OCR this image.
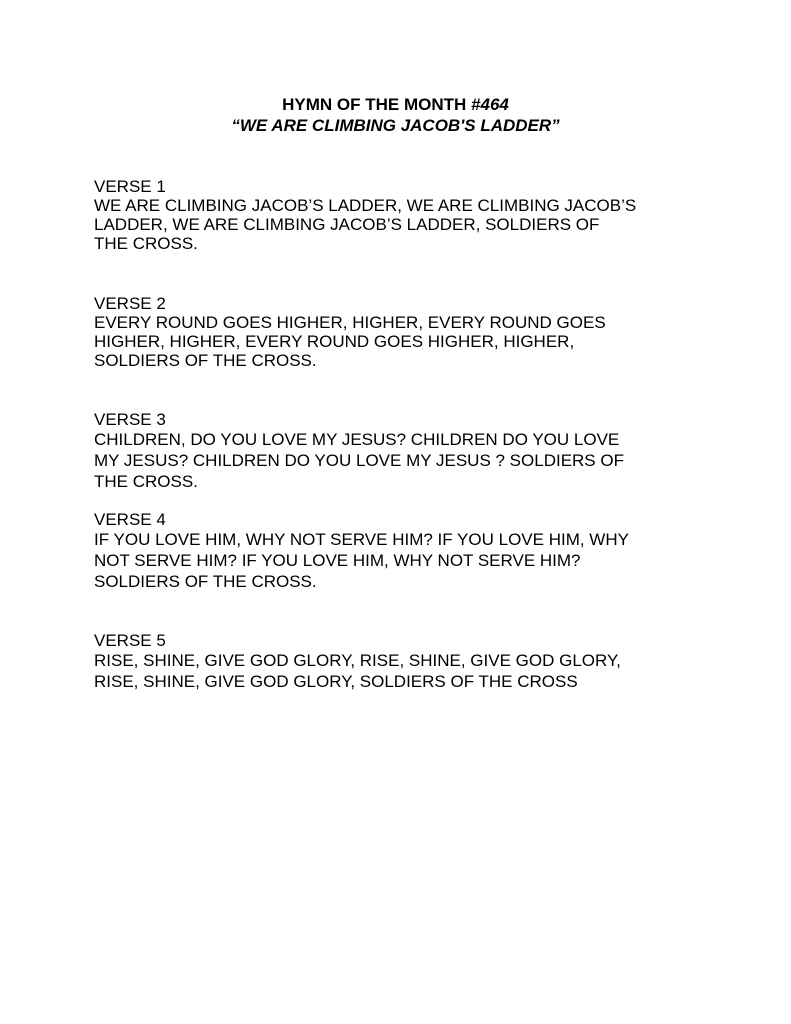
HYMN OF THE MONTH #464
“WE ARE CLIMBING JACOB'S LADDER”
VERSE 1
WE ARE CLIMBING JACOB’S LADDER, WE ARE CLIMBING JACOB’S
LADDER, WE ARE CLIMBING JACOB’S LADDER, SOLDIERS OF
THE CROSS.
VERSE 2
EVERY ROUND GOES HIGHER, HIGHER, EVERY ROUND GOES
HIGHER, HIGHER, EVERY ROUND GOES HIGHER, HIGHER,
SOLDIERS OF THE CROSS.
VERSE 3
CHILDREN, DO YOU LOVE MY JESUS? CHILDREN DO YOU LOVE
MY JESUS? CHILDREN DO YOU LOVE MY JESUS ? SOLDIERS OF
THE CROSS.
VERSE 4
IF YOU LOVE HIM, WHY NOT SERVE HIM? IF YOU LOVE HIM, WHY
NOT SERVE HIM? IF YOU LOVE HIM, WHY NOT SERVE HIM?
SOLDIERS OF THE CROSS.
VERSE 5
RISE, SHINE, GIVE GOD GLORY, RISE, SHINE, GIVE GOD GLORY,
RISE, SHINE, GIVE GOD GLORY, SOLDIERS OF THE CROSS
